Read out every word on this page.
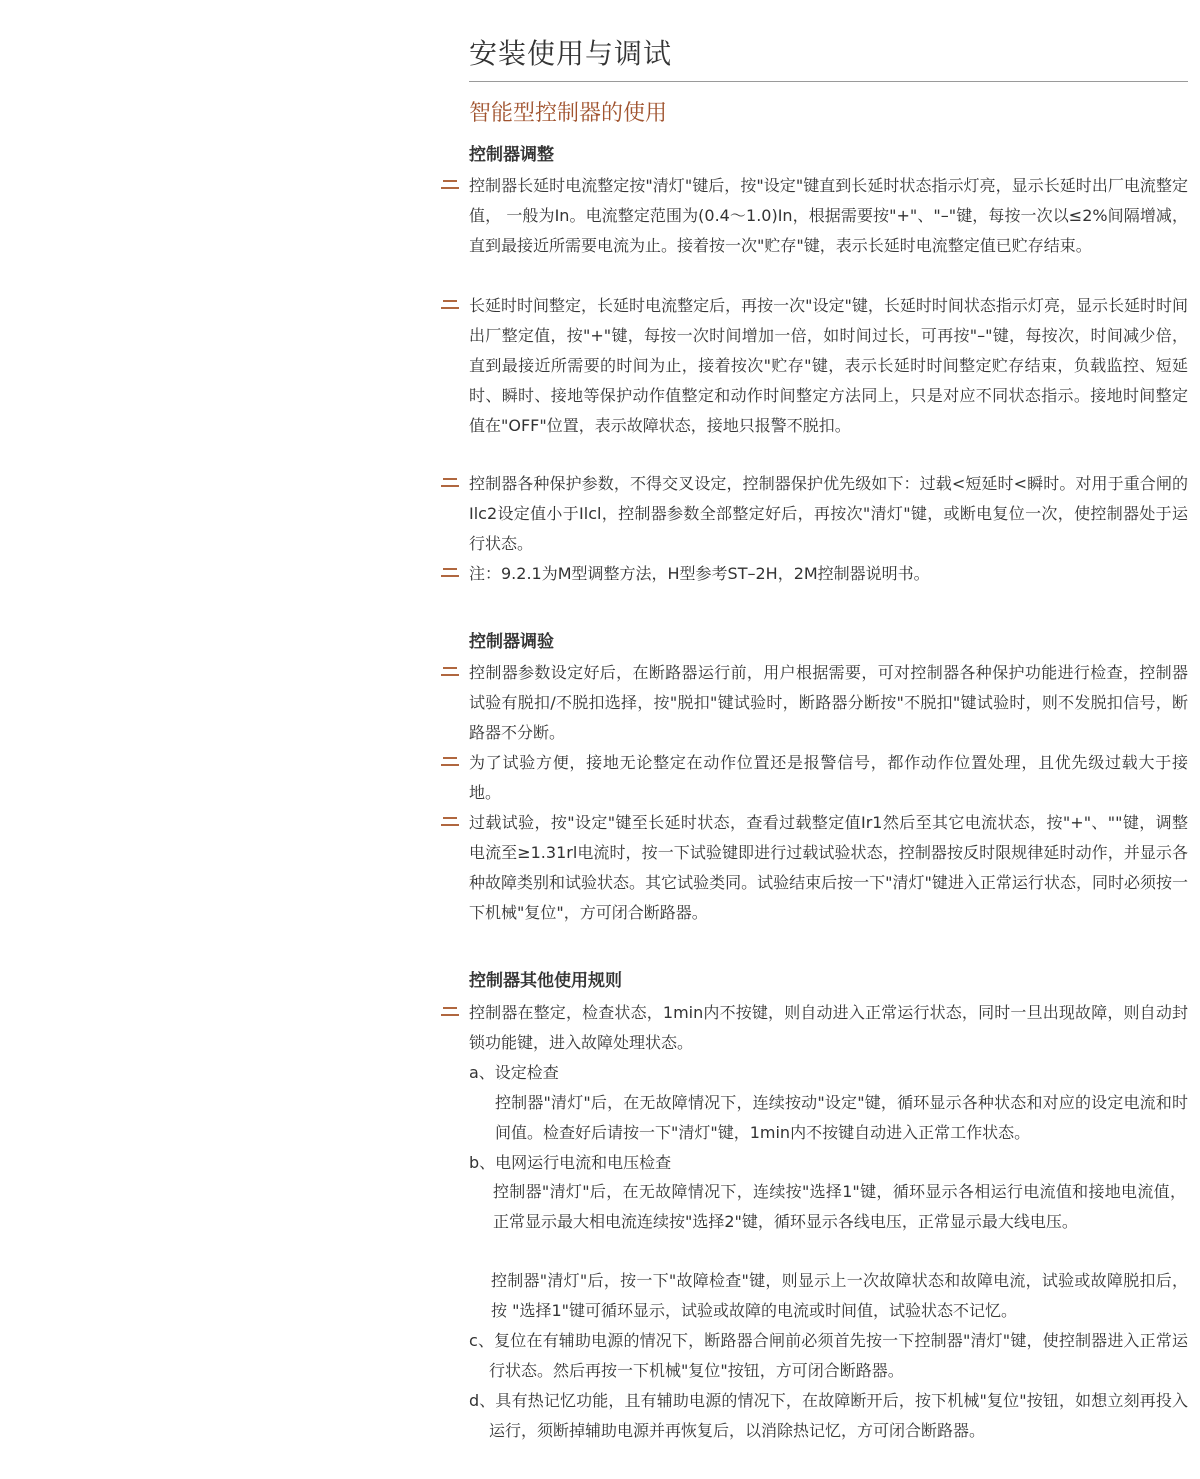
安装使用与调试
智能型控制器的使用
控制器调整
控制器长延时电流整定按"清灯"键后，按"设定"键直到长延时状态指示灯亮，显示长延时出厂电流整定值， 一般为In。电流整定范围为(0.4～1.0)In，根据需要按"+"、"–"键，每按一次以≤2%间隔增减，直到最接近所需要电流为止。接着按一次"贮存"键，表示长延时电流整定值已贮存结束。
长延时时间整定，长延时电流整定后，再按一次"设定"键，长延时时间状态指示灯亮，显示长延时时间出厂整定值，按"+"键，每按一次时间增加一倍，如时间过长，可再按"–"键，每按次，时间减少倍，直到最接近所需要的时间为止，接着按次"贮存"键，表示长延时时间整定贮存结束，负载监控、短延时、瞬时、接地等保护动作值整定和动作时间整定方法同上，只是对应不同状态指示。接地时间整定值在"OFF"位置，表示故障状态，接地只报警不脱扣。
控制器各种保护参数，不得交叉设定，控制器保护优先级如下：过载<短延时<瞬时。对用于重合闸的Ilc2设定值小于Ilcl，控制器参数全部整定好后，再按次"清灯"键，或断电复位一次，使控制器处于运行状态。
注：9.2.1为M型调整方法，H型参考ST–2H，2M控制器说明书。
控制器调验
控制器参数设定好后，在断路器运行前，用户根据需要，可对控制器各种保护功能进行检查，控制器试验有脱扣/不脱扣选择，按"脱扣"键试验时，断路器分断按"不脱扣"键试验时，则不发脱扣信号，断路器不分断。
为了试验方便，接地无论整定在动作位置还是报警信号，都作动作位置处理，且优先级过载大于接地。
过载试验，按"设定"键至长延时状态，查看过载整定值Ir1然后至其它电流状态，按"+"、""键，调整电流至≥1.31rl电流时，按一下试验键即进行过载试验状态，控制器按反时限规律延时动作，并显示各种故障类别和试验状态。其它试验类同。试验结束后按一下"清灯"键进入正常运行状态，同时必须按一下机械"复位"，方可闭合断路器。
控制器其他使用规则
控制器在整定，检查状态，1min内不按键，则自动进入正常运行状态，同时一旦出现故障，则自动封锁功能键，进入故障处理状态。
a、设定检查
控制器"清灯"后，在无故障情况下，连续按动"设定"键，循环显示各种状态和对应的设定电流和时间值。检查好后请按一下"清灯"键，1min内不按键自动进入正常工作状态。
b、电网运行电流和电压检查
控制器"清灯"后，在无故障情况下，连续按"选择1"键，循环显示各相运行电流值和接地电流值，正常显示最大相电流连续按"选择2"键，循环显示各线电压，正常显示最大线电压。
控制器"清灯"后，按一下"故障检查"键，则显示上一次故障状态和故障电流，试验或故障脱扣后，按 "选择1"键可循环显示，试验或故障的电流或时间值，试验状态不记忆。
c、复位在有辅助电源的情况下，断路器合闸前必须首先按一下控制器"清灯"键，使控制器进入正常运行状态。然后再按一下机械"复位"按钮，方可闭合断路器。
d、具有热记忆功能，且有辅助电源的情况下，在故障断开后，按下机械"复位"按钮，如想立刻再投入运行，须断掉辅助电源并再恢复后，以消除热记忆，方可闭合断路器。
